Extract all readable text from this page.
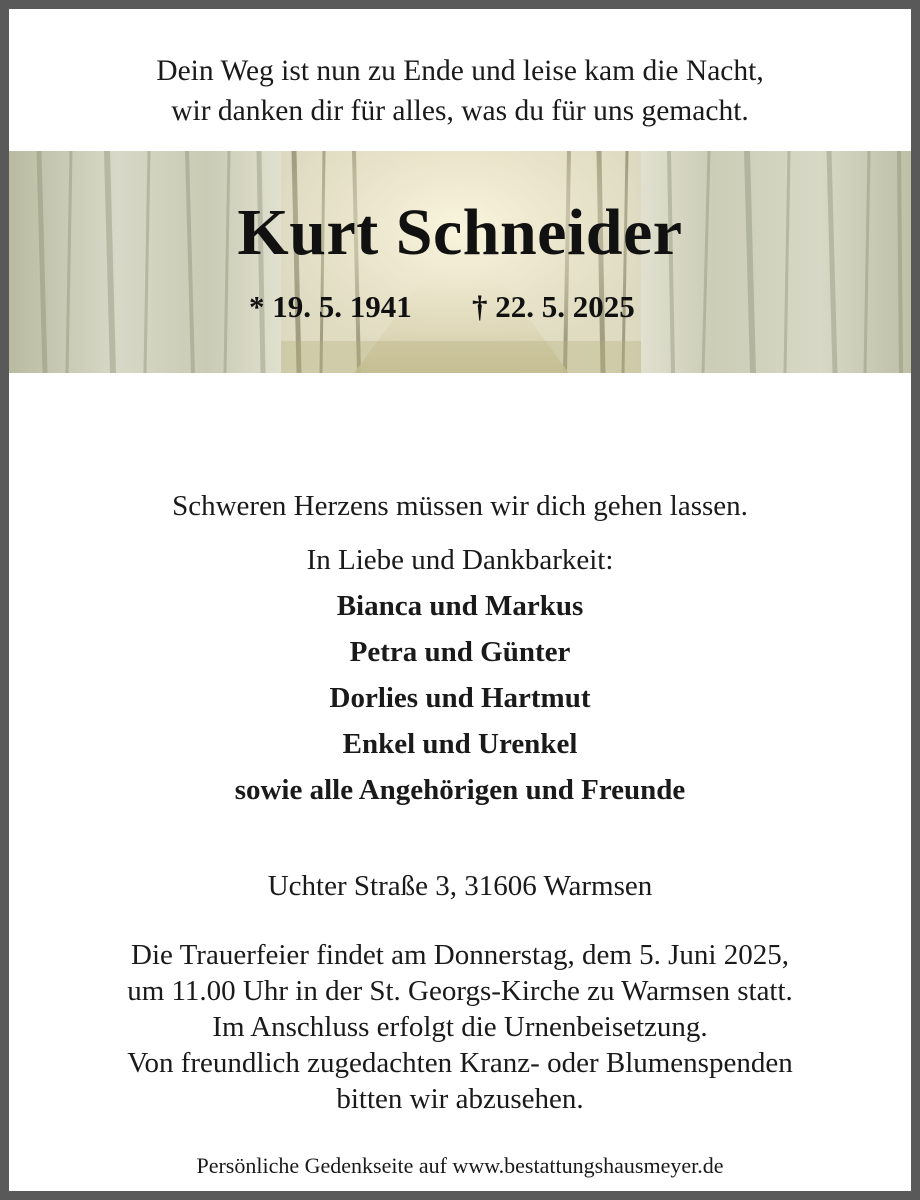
Dein Weg ist nun zu Ende und leise kam die Nacht,
wir danken dir für alles, was du für uns gemacht.
Kurt Schneider
* 19. 5. 1941 † 22. 5. 2025
Schweren Herzens müssen wir dich gehen lassen.
In Liebe und Dankbarkeit:
Bianca und Markus
Petra und Günter
Dorlies und Hartmut
Enkel und Urenkel
sowie alle Angehörigen und Freunde
Uchter Straße 3, 31606 Warmsen
Die Trauerfeier findet am Donnerstag, dem 5. Juni 2025,
um 11.00 Uhr in der St. Georgs-Kirche zu Warmsen statt.
Im Anschluss erfolgt die Urnenbeisetzung.
Von freundlich zugedachten Kranz- oder Blumenspenden
bitten wir abzusehen.
Persönliche Gedenkseite auf www.bestattungshausmeyer.de
